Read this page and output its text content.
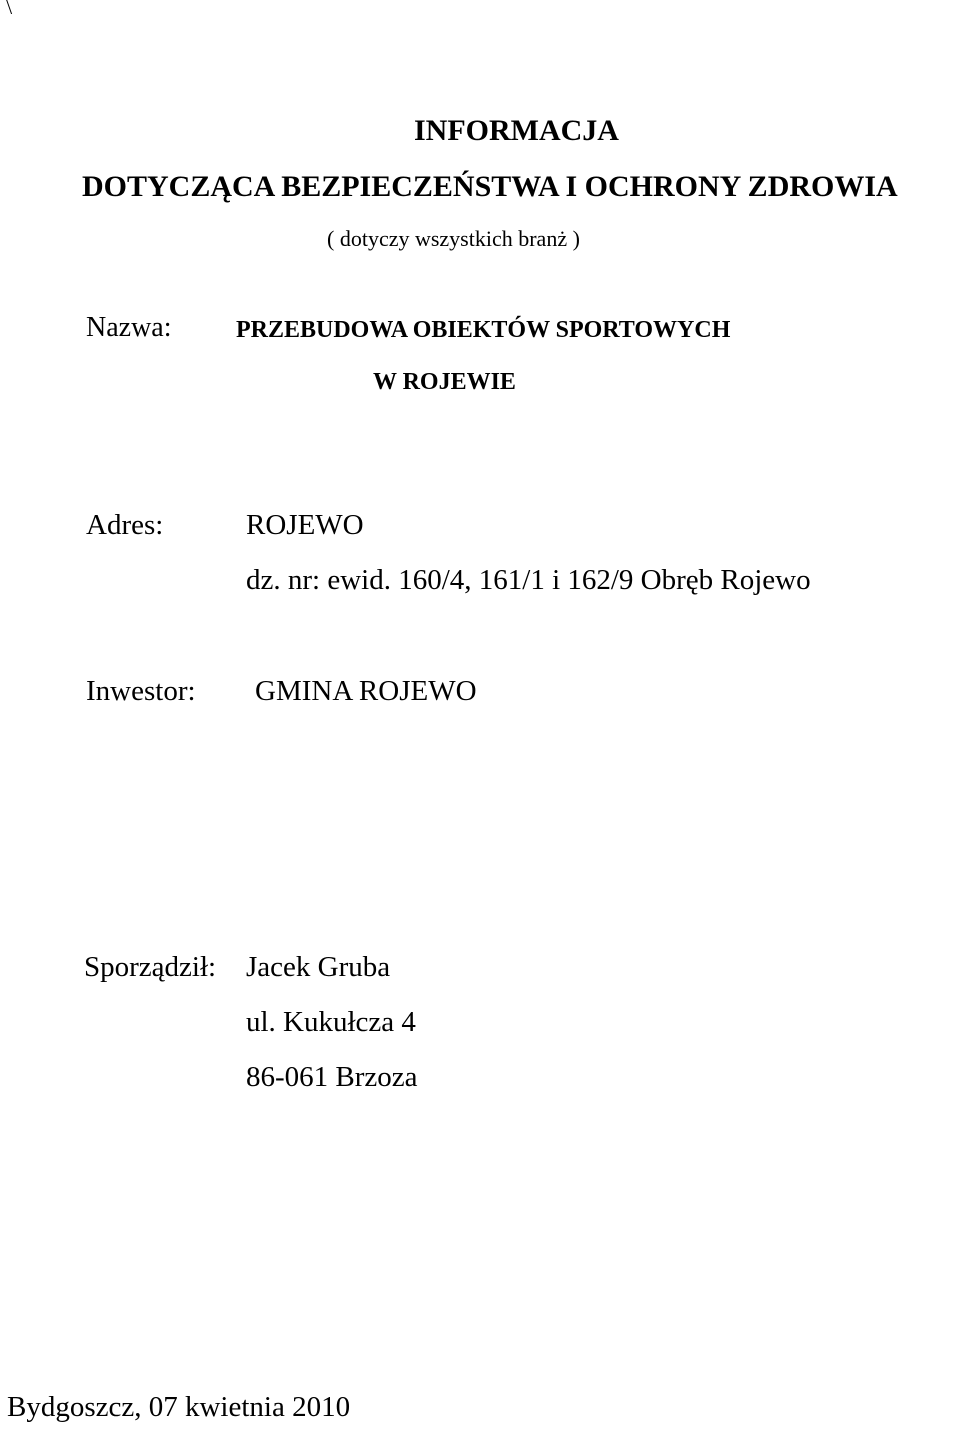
\
INFORMACJA
DOTYCZĄCA BEZPIECZEŃSTWA I OCHRONY ZDROWIA
( dotyczy wszystkich branż )
Nazwa:	PRZEBUDOWA OBIEKTÓW SPORTOWYCH
W ROJEWIE
Adres:	ROJEWO
dz. nr: ewid. 160/4, 161/1 i 162/9 Obręb Rojewo
Inwestor: GMINA ROJEWO
Sporządził: Jacek Gruba
ul. Kukułcza 4
86-061 Brzoza
Bydgoszcz, 07 kwietnia 2010
